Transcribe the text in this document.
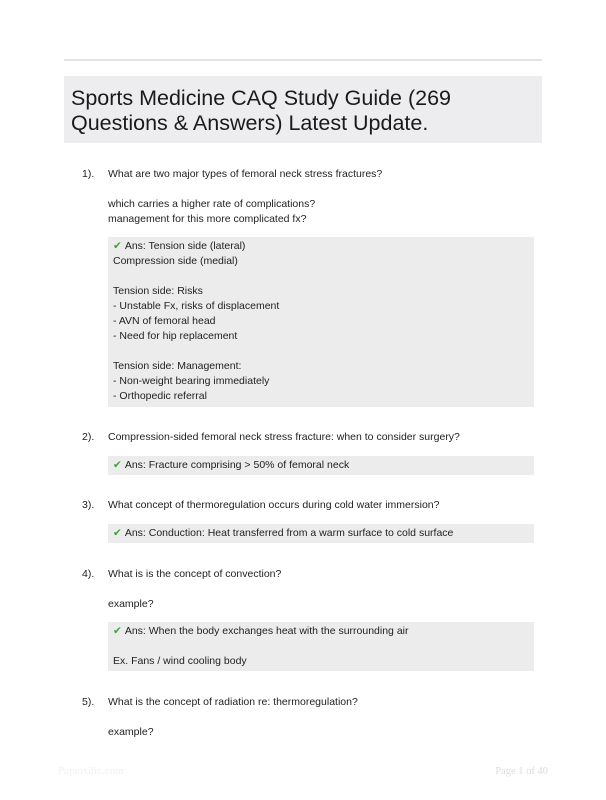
Sports Medicine CAQ Study Guide (269 Questions & Answers) Latest Update.
1).	What are two major types of femoral neck stress fractures?
which carries a higher rate of complications?
management for this more complicated fx?
✔ Ans: Tension side (lateral)
Compression side (medial)
Tension side: Risks
- Unstable Fx, risks of displacement
- AVN of femoral head
- Need for hip replacement
Tension side: Management:
- Non-weight bearing immediately
- Orthopedic referral
2).	Compression-sided femoral neck stress fracture: when to consider surgery?
✔ Ans: Fracture comprising > 50% of femoral neck
3).	What concept of thermoregulation occurs during cold water immersion?
✔ Ans: Conduction: Heat transferred from a warm surface to cold surface
4).	What is is the concept of convection?
example?
✔ Ans: When the body exchanges heat with the surrounding air
Ex. Fans / wind cooling body
5).	What is the concept of radiation re: thermoregulation?
example?
Papertific.com	Page 1 of 40
